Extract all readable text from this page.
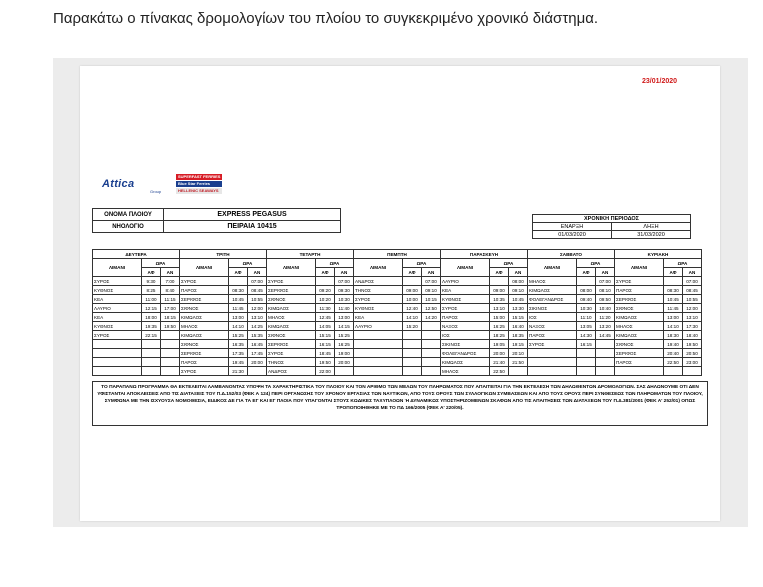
Παρακάτω ο πίνακας δρομολογίων του πλοίου το συγκεκριμένο χρονικό διάστημα.
23/01/2020
Attica
Group
SUPERFAST FERRIES
Blue Star Ferries
HELLENIC SEAWAYS
ΟΝΟΜΑ ΠΛΟΙΟΥ	EXPRESS PEGASUS
ΝΗΟΛΟΓΙΟ	ΠΕΙΡΑΙΑ 10415
ΧΡΟΝΙΚΗ ΠΕΡΙΟΔΟΣ	
ΕΝΑΡΞΗ	ΛΗΞΗ
01/03/2020	31/03/2020
ΔΕΥΤΕΡΑ			ΤΡΙΤΗ			ΤΕΤΑΡΤΗ			ΠΕΜΠΤΗ			ΠΑΡΑΣΚΕΥΗ			ΣΑΒΒΑΤΟ			ΚΥΡΙΑΚΗ		
ΛΙΜΑΝΙ	ΩΡΑ		ΛΙΜΑΝΙ	ΩΡΑ		ΛΙΜΑΝΙ	ΩΡΑ		ΛΙΜΑΝΙ	ΩΡΑ		ΛΙΜΑΝΙ	ΩΡΑ		ΛΙΜΑΝΙ	ΩΡΑ		ΛΙΜΑΝΙ	ΩΡΑ	
	ΑΦ	ΑΝ		ΑΦ	ΑΝ		ΑΦ	ΑΝ		ΑΦ	ΑΝ		ΑΦ	ΑΝ		ΑΦ	ΑΝ		ΑΦ	ΑΝ
ΣΥΡΟΣ	9:30	7:00	ΣΥΡΟΣ		07:00	ΣΥΡΟΣ		07:00	ΑΝΔΡΟΣ		07:00	ΛΑΥΡΙΟ		08:00	ΜΗΛΟΣ		07:00	ΣΥΡΟΣ		07:00
ΚΥΘΝΟΣ	8:25	8:40	ΠΑΡΟΣ	08:30	08:45	ΣΕΡΙΦΟΣ	09:20	09:30	ΤΗΝΟΣ	09:00	09:10	ΚΕΑ	09:00	09:10	ΚΙΜΩΛΟΣ	08:00	08:10	ΠΑΡΟΣ	08:30	08:45
ΚΕΑ	11:00	11:15	ΣΕΡΙΦΟΣ	10:45	10:55	ΣΙΦΝΟΣ	10:20	10:30	ΣΥΡΟΣ	10:00	10:15	ΚΥΘΝΟΣ	10:35	10:45	ΦΟΛΕΓΑΝΔΡΟΣ	09:40	09:50	ΣΕΡΙΦΟΣ	10:45	10:55
ΛΑΥΡΙΟ	12:15	17:00	ΣΙΦΝΟΣ	11:45	12:00	ΚΙΜΩΛΟΣ	11:30	11:40	ΚΥΘΝΟΣ	12:40	12:50	ΣΥΡΟΣ	13:10	13:30	ΣΙΚΙΝΟΣ	10:30	10:40	ΣΙΦΝΟΣ	11:45	12:00
ΚΕΑ	18:00	18:15	ΚΙΜΩΛΟΣ	13:00	13:10	ΜΗΛΟΣ	12:45	13:00	ΚΕΑ	14:10	14:20	ΠΑΡΟΣ	15:00	15:15	ΙΟΣ	11:10	11:20	ΚΙΜΩΛΟΣ	13:00	13:10
ΚΥΘΝΟΣ	19:35	19:50	ΜΗΛΟΣ	14:10	14:25	ΚΙΜΩΛΟΣ	14:05	14:15	ΛΑΥΡΙΟ	15:20		ΝΑΞΟΣ	16:25	16:40	ΝΑΞΟΣ	13:05	13:20	ΜΗΛΟΣ	14:10	17:30
ΣΥΡΟΣ	22:15		ΚΙΜΩΛΟΣ	15:25	15:35	ΣΙΦΝΟΣ	15:15	15:25				ΙΟΣ	18:25	18:35	ΠΑΡΟΣ	14:30	14:45	ΚΙΜΩΛΟΣ	18:30	18:40
			ΣΙΦΝΟΣ	16:35	16:45	ΣΕΡΙΦΟΣ	16:15	16:25				ΣΙΚΙΝΟΣ	19:05	19:15	ΣΥΡΟΣ	16:15		ΣΙΦΝΟΣ	19:40	19:50
			ΣΕΡΙΦΟΣ	17:35	17:45	ΣΥΡΟΣ	18:45	19:00				ΦΟΛΕΓΑΝΔΡΟΣ	20:00	20:10				ΣΕΡΙΦΟΣ	20:40	20:50
			ΠΑΡΟΣ	19:45	20:00	ΤΗΝΟΣ	19:50	20:00				ΚΙΜΩΛΟΣ	21:40	21:50				ΠΑΡΟΣ	22:50	23:00
			ΣΥΡΟΣ	21:30		ΑΝΔΡΟΣ	22:00					ΜΗΛΟΣ	22:50							
ΤΟ ΠΑΡΑΠΑΝΩ ΠΡΟΓΡΑΜΜΑ ΘΑ ΕΚΤΕΛΕΙΤΑΙ ΛΑΜΒΑΝΟΝΤΑΣ ΥΠΟΨΗ ΤΑ ΧΑΡΑΚΤΗΡΙΣΤΙΚΑ ΤΟΥ ΠΛΟΙΟΥ ΚΑΙ ΤΟΝ ΑΡΙΘΜΟ ΤΩΝ ΜΕΛΩΝ ΤΟΥ ΠΛΗΡΩΜΑΤΟΣ ΠΟΥ ΑΠΑΙΤΕΙΤΑΙ ΓΙΑ ΤΗΝ ΕΚΤΕΛΕΣΗ ΤΩΝ ΔΗΛΩΘΕΝΤΩΝ ΔΡΟΜΟΛΟΓΙΩΝ. ΣΑΣ ΔΗΛΩΝΟΥΜΕ ΟΤΙ ΔΕΝ ΥΦΙΣΤΑΝΤΑΙ ΑΠΟΚΛΕΙΣΕΙΣ ΑΠΟ ΤΙΣ ΔΙΑΤΑΞΕΙΣ ΤΟΥ Π.Δ.152/03 (ΦΕΚ Α 124) ΠΕΡΙ ΟΡΓΑΝΩΣΗΣ ΤΟΥ ΧΡΟΝΟΥ ΕΡΓΑΣΙΑΣ ΤΩΝ ΝΑΥΤΙΚΩΝ, ΑΠΟ ΤΟΥΣ ΟΡΟΥΣ ΤΩΝ ΣΥΛΛΟΓΙΚΩΝ ΣΥΜΒΑΣΕΩΝ ΚΑΙ ΑΠΟ ΤΟΥΣ ΟΡΟΥΣ ΠΕΡΙ ΣΥΝΘΕΣΕΩΣ ΤΩΝ ΠΛΗΡΩΜΑΤΩΝ ΤΟΥ ΠΛΟΙΟΥ, ΣΥΜΦΩΝΑ ΜΕ ΤΗΝ ΙΣΧΥΟΥΣΑ ΝΟΜΟΘΕΣΙΑ, ΕΙΔΙΚΟΣ ΔΕ ΓΙΑ ΤΑ ΕΓ ΚΑΙ ΕΓ ΠΛΟΙΑ ΠΟΥ ΥΠΑΓΟΝΤΑΙ ΣΤΟΥΣ ΚΩΔΙΚΕΣ ΤΑΧΥΠΛΟΩΝ Ή ΔΥΝΑΜΙΚΩΣ ΥΠΟΣΤΗΡΙΖΟΜΕΝΩΝ ΣΚΑΦΩΝ ΑΠΟ ΤΙΣ ΑΠΑΙΤΗΣΕΙΣ ΤΩΝ ΔΙΑΤΑΞΕΩΝ ΤΟΥ Π.Δ.381/2001 (ΦΕΚ Α' 252/01) ΟΠΩΣ ΤΡΟΠΟΠΟΙΗΘΗΚΕ ΜΕ ΤΟ ΠΔ 166/2005 (ΦΕΚ Α' 220/05).
